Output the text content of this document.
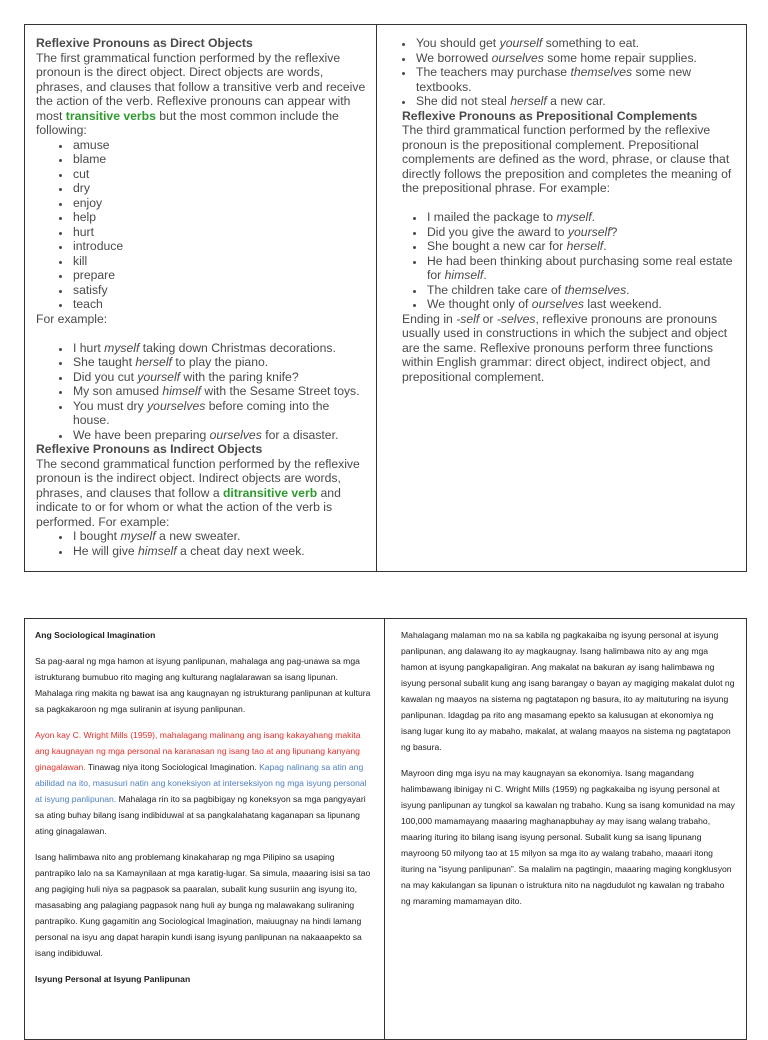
Reflexive Pronouns as Direct Objects

The first grammatical function performed by the reflexive pronoun is the direct object. Direct objects are words, phrases, and clauses that follow a transitive verb and receive the action of the verb. Reflexive pronouns can appear with most transitive verbs but the most common include the following:

• amuse
• blame
• cut
• dry
• enjoy
• help
• hurt
• introduce
• kill
• prepare
• satisfy
• teach

For example:

• I hurt myself taking down Christmas decorations.
• She taught herself to play the piano.
• Did you cut yourself with the paring knife?
• My son amused himself with the Sesame Street toys.
• You must dry yourselves before coming into the house.
• We have been preparing ourselves for a disaster.
Reflexive Pronouns as Indirect Objects

The second grammatical function performed by the reflexive pronoun is the indirect object. Indirect objects are words, phrases, and clauses that follow a ditransitive verb and indicate to or for whom or what the action of the verb is performed. For example:

• I bought myself a new sweater.
• He will give himself a cheat day next week.
• You should get yourself something to eat.
• We borrowed ourselves some home repair supplies.
• The teachers may purchase themselves some new textbooks.
• She did not steal herself a new car.
Reflexive Pronouns as Prepositional Complements

The third grammatical function performed by the reflexive pronoun is the prepositional complement. Prepositional complements are defined as the word, phrase, or clause that directly follows the preposition and completes the meaning of the prepositional phrase. For example:

• I mailed the package to myself.
• Did you give the award to yourself?
• She bought a new car for herself.
• He had been thinking about purchasing some real estate for himself.
• The children take care of themselves.
• We thought only of ourselves last weekend.

Ending in -self or -selves, reflexive pronouns are pronouns usually used in constructions in which the subject and object are the same. Reflexive pronouns perform three functions within English grammar: direct object, indirect object, and prepositional complement.

Ang Sociological Imagination

Sa pag-aaral ng mga hamon at isyung panlipunan, mahalaga ang pag-unawa sa mga istrukturang bumubuo rito maging ang kulturang naglalarawan sa isang lipunan. Mahalaga ring makita ng bawat isa ang kaugnayan ng istrukturang panlipunan at kultura sa pagkakaroon ng mga suliranin at isyung panlipunan.

Ayon kay C. Wright Mills (1959), mahalagang malinang ang isang kakayahang makita ang kaugnayan ng mga personal na karanasan ng isang tao at ang lipunang kanyang ginagalawan. Tinawag niya itong Sociological Imagination. Kapag nalinang sa atin ang abilidad na ito, masusuri natin ang koneksiyon at interseksiyon ng mga isyung personal at isyung panlipunan. Mahalaga rin ito sa pagbibigay ng koneksyon sa mga pangyayari sa ating buhay bilang isang indibiduwal at sa pangkalahatang kaganapan sa lipunang ating ginagalawan.

Isang halimbawa nito ang problemang kinakaharap ng mga Pilipino sa usaping pantrapiko lalo na sa Kamaynilaan at mga karatig-lugar. Sa simula, maaaring isisi sa tao ang pagiging huli niya sa pagpasok sa paaralan, subalit kung susuriin ang isyung ito, masasabing ang palagiang pagpasok nang huli ay bunga ng malawakang suliraning pantrapiko. Kung gagamitin ang Sociological Imagination, maiuugnay na hindi lamang personal na isyu ang dapat harapin kundi isang isyung panlipunan na nakaaapekto sa isang indibiduwal.

Isyung Personal at Isyung Panlipunan

Mahalagang malaman mo na sa kabila ng pagkakaiba ng isyung personal at isyung panlipunan, ang dalawang ito ay magkaugnay. Isang halimbawa nito ay ang mga hamon at isyung pangkapaligiran. Ang makalat na bakuran ay isang halimbawa ng isyung personal subalit kung ang isang barangay o bayan ay magiging makalat dulot ng kawalan ng maayos na sistema ng pagtatapon ng basura, ito ay maituturing na isyung panlipunan. Idagdag pa rito ang masamang epekto sa kalusugan at ekonomiya ng isang lugar kung ito ay mabaho, makalat, at walang maayos na sistema ng pagtatapon ng basura.

Mayroon ding mga isyu na may kaugnayan sa ekonomiya. Isang magandang halimbawang ibinigay ni C. Wright Mills (1959) ng pagkakaiba ng isyung personal at isyung panlipunan ay tungkol sa kawalan ng trabaho. Kung sa isang komunidad na may 100,000 mamamayang maaaring maghanapbuhay ay may isang walang trabaho, maaring ituring ito bilang isang isyung personal. Subalit kung sa isang lipunang mayroong 50 milyong tao at 15 milyon sa mga ito ay walang trabaho, maaari itong ituring na “isyung panlipunan”. Sa malalim na pagtingin, maaaring maging kongklusyon na may kakulangan sa lipunan o istruktura nito na nagdudulot ng kawalan ng trabaho ng maraming mamamayan dito.
